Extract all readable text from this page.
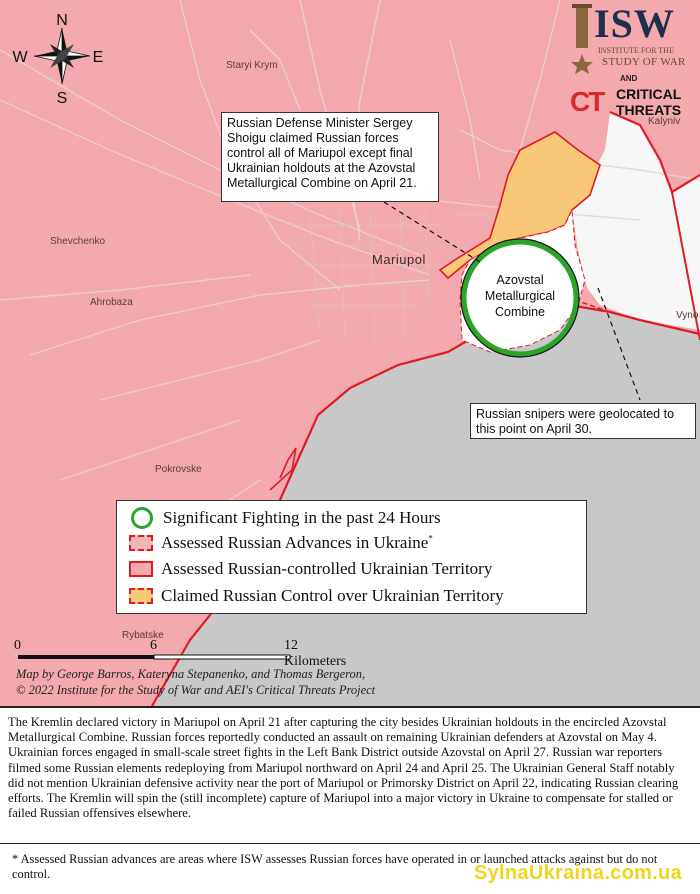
N
S
E
W	Staryi Krym
Kalyniv
Shevchenko
Mariupol
Ahrobaza
Vyno
Pokrovske
Rybatske
Russian Defense Minister Sergey Shoigu claimed Russian forces control all of Mariupol except final Ukrainian holdouts at the Azovstal Metallurgical Combine on April 21.
Russian snipers were geolocated to this point on April 30.
Azovstal Metallurgical Combine
ISW
INSTITUTE FOR THE
STUDY OF WAR
AND
CT CRITICAL
THREATS
Significant Fighting in the past 24 Hours
Assessed Russian Advances in Ukraine*
Assessed Russian-controlled Ukrainian Territory
Claimed Russian Control over Ukrainian Territory
0	6	12 Kilometers
Map by George Barros, Kateryna Stepanenko, and Thomas Bergeron,
© 2022 Institute for the Study of War and AEI's Critical Threats Project
The Kremlin declared victory in Mariupol on April 21 after capturing the city besides Ukrainian holdouts in the encircled Azovstal Metallurgical Combine. Russian forces reportedly conducted an assault on remaining Ukrainian defenders at Azovstal on May 4. Ukrainian forces engaged in small-scale street fights in the Left Bank District outside Azovstal on April 27. Russian war reporters filmed some Russian elements redeploying from Mariupol northward on April 24 and April 25. The Ukrainian General Staff notably did not mention Ukrainian defensive activity near the port of Mariupol or Primorsky District on April 22, indicating Russian clearing efforts. The Kremlin will spin the (still incomplete) capture of Mariupol into a major victory in Ukraine to compensate for stalled or failed Russian offensives elsewhere.
* Assessed Russian advances are areas where ISW assesses Russian forces have operated in or launched attacks against but do not control.	SylnaUkraina.com.ua
